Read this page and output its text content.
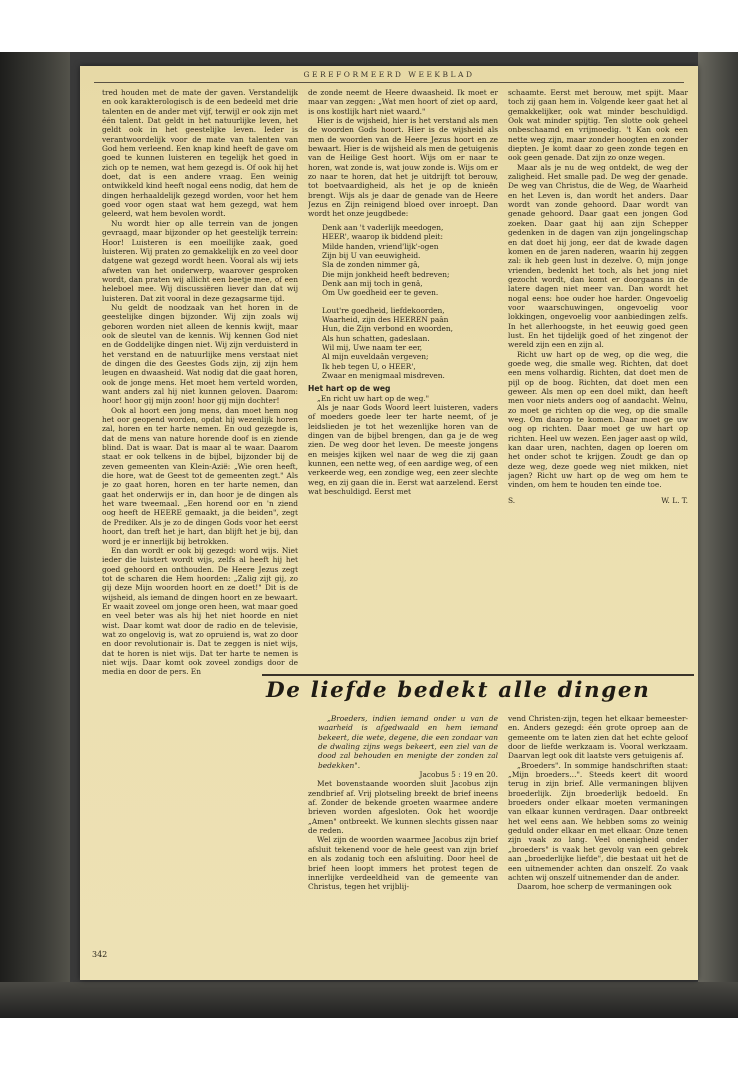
GEREFORMEERD WEEKBLAD

tred houden met de mate der gaven. Verstandelijk en ook karakterologisch is de een bedeeld met drie talenten en de ander met vijf, terwijl er ook zijn met één talent. Dat geldt in het natuurlijke leven, het geldt ook in het geestelijke leven. Ieder is verantwoordelijk voor de mate van talenten van God hem verleend. Een knap kind heeft de gave om goed te kunnen luisteren en tegelijk het goed in zich op te nemen, wat hem gezegd is. Of ook hij het doet, dat is een andere vraag. Een weinig ontwikkeld kind heeft nogal eens nodig, dat hem de dingen herhaaldelijk gezegd worden, voor het hem goed voor ogen staat wat hem gezegd, wat hem geleerd, wat hem bevolen wordt.

Nu wordt hier op alle terrein van de jongen gevraagd, maar bijzonder op het geestelijk terrein: Hoor! Luisteren is een moeilijke zaak, goed luisteren. Wij praten zo gemakkelijk en zo veel door datgene wat gezegd wordt heen. Vooral als wij iets afweten van het onderwerp, waarover gesproken wordt, dan praten wij allicht een beetje mee, of een heleboel mee. Wij discussiëren liever dan dat wij luisteren. Dat zit vooral in deze gezagsarme tijd.

Nu geldt de noodzaak van het horen in de geestelijke dingen bijzonder. Wij zijn zoals wij geboren worden niet alleen de kennis kwijt, maar ook de sleutel van de kennis. Wij kennen God niet en de Goddelijke dingen niet. Wij zijn verduisterd in het verstand en de natuurlijke mens verstaat niet de dingen die des Geestes Gods zijn, zij zijn hem leugen en dwaasheid. Wat nodig dat die gaat horen, ook de jonge mens. Het moet hem verteld worden, want anders zal hij niet kunnen geloven. Daarom: hoor! hoor gij mijn zoon! hoor gij mijn dochter!

Ook al hoort een jong mens, dan moet hem nog het oor geopend worden, opdat hij wezenlijk horen zal, horen en ter harte nemen. En oud gezegde is, dat de mens van nature horende doof is en ziende blind. Dat is waar. Dat is maar al te waar. Daarom staat er ook telkens in de bijbel, bijzonder bij de zeven gemeenten van Klein-Azië: „Wie oren heeft, die hore, wat de Geest tot de gemeenten zegt." Als je zo gaat horen, horen en ter harte nemen, dan gaat het onderwijs er in, dan hoor je de dingen als het ware tweemaal. „Een horend oor en 'n ziend oog heeft de HEERE gemaakt, ja die beiden", zegt de Prediker. Als je zo de dingen Gods voor het eerst hoort, dan treft het je hart, dan blijft het je bij, dan word je er innerlijk bij betrokken.

En dan wordt er ook bij gezegd: word wijs. Niet ieder die luistert wordt wijs, zelfs al heeft hij het goed gehoord en onthouden. De Heere Jezus zegt tot de scharen die Hem hoorden: „Zalig zijt gij, zo gij deze Mijn woorden hoort en ze doet!" Dit is de wijsheid, als iemand de dingen hoort en ze bewaart. Er waait zoveel om jonge oren heen, wat maar goed en veel beter was als hij het niet hoorde en niet wist. Daar komt wat door de radio en de televisie, wat zo ongelovig is, wat zo opruiend is, wat zo door en door revolutionair is. Dat te zeggen is niet wijs, dat te horen is niet wijs. Dat ter harte te nemen is niet wijs. Daar komt ook zoveel zondigs door de media en door de pers. En

de zonde neemt de Heere dwaasheid. Ik moet er maar van zeggen: „Wat men hoort of ziet op aard, is ons kostlijk hart niet waard."

Hier is de wijsheid, hier is het verstand als men de woorden Gods hoort. Hier is de wijsheid als men de woorden van de Heere Jezus hoort en ze bewaart. Hier is de wijsheid als men de getuigenis van de Heilige Gest hoort. Wijs om er naar te horen, wat zonde is, wat jouw zonde is. Wijs om er zo naar te horen, dat het je uitdrijft tot berouw, tot boetvaardigheid, als het je op de knieën brengt. Wijs als je daar de genade van de Heere Jezus en Zijn reinigend bloed over inroept. Dan wordt het onze jeugdbede:

Denk aan 't vaderlijk meedogen,
HEER', waarop ik biddend pleit:
Milde handen, vriend'lijk'-ogen
Zijn bij U van eeuwigheid.
Sla de zonden nimmer gâ,
Die mijn jonkheid heeft bedreven;
Denk aan mij toch in genâ,
Om Uw goedheid eer te geven.
Lout're goedheid, liefdekoorden,
Waarheid, zijn des HEEREN paân
Hun, die Zijn verbond en woorden,
Als hun schatten, gadeslaan.
Wil mij, Uwe naam ter eer,
Al mijn euveldaân vergeven;
Ik heb tegen U, o HEER',
Zwaar en menigmaal misdreven.

Het hart op de weg

„En richt uw hart op de weg."

Als je naar Gods Woord leert luisteren, vaders of moeders goede leer ter harte neemt, of je leidslieden je tot het wezenlijke horen van de dingen van de bijbel brengen, dan ga je de weg zien. De weg door het leven. De meeste jongens en meisjes kijken wel naar de weg die zij gaan kunnen, een nette weg, of een aardige weg, of een verkeerde weg, een zondige weg, een zeer slechte weg, en zij gaan die in. Eerst wat aarzelend. Eerst wat beschuldigd. Eerst met

schaamte. Eerst met berouw, met spijt. Maar toch zij gaan hem in. Volgende keer gaat het al gemakkelijker, ook wat minder beschuldigd. Ook wat minder spijtig. Ten slotte ook geheel onbeschaamd en vrijmoedig. 't Kan ook een nette weg zijn, maar zonder hoogten en zonder diepten. Je komt daar zo geen zonde tegen en ook geen genade. Dat zijn zo onze wegen.

Maar als je nu de weg ontdekt, de weg der zaligheid. Het smalle pad. De weg der genade. De weg van Christus, die de Weg, de Waarheid en het Leven is, dan wordt het anders. Daar wordt van zonde gehoord. Daar wordt van genade gehoord. Daar gaat een jongen God zoeken. Daar gaat hij aan zijn Schepper gedenken in de dagen van zijn jongelingschap en dat doet hij jong, eer dat de kwade dagen komen en de jaren naderen, waarin hij zeggen zal: ik heb geen lust in dezelve. O, mijn jonge vrienden, bedenkt het toch, als het jong niet gezocht wordt, dan komt er doorgaans in de latere dagen niet meer van. Dan wordt het nogal eens: hoe ouder hoe harder. Ongevoelig voor waarschuwingen, ongevoelig voor lokkingen, ongevoelig voor aanbiedingen zelfs. In het allerhoogste, in het eeuwig goed geen lust. En het tijdelijk goed of het zingenot der wereld zijn een en zijn al.

Richt uw hart op de weg, op die weg, die goede weg, die smalle weg. Richten, dat doet een mens volhardig. Richten, dat doet men de pijl op de boog. Richten, dat doet men een geweer. Als men op een doel mikt, dan heeft men voor niets anders oog of aandacht. Welnu, zo moet ge richten op die weg, op die smalle weg. Om daarop te komen. Daar moet ge uw oog op richten. Daar moet ge uw hart op richten. Heel uw wezen. Een jager aast op wild, kan daar uren, nachten, dagen op loeren om het onder schot te krijgen. Zoudt ge dan op deze weg, deze goede weg niet mikken, niet jagen? Richt uw hart op de weg om hem te vinden, om hem te houden ten einde toe.

S.	W. L. T.
De liefde bedekt alle dingen

„Broeders, indien iemand onder u van de waarheid is afgedwaald en hem iemand bekeert, die wete, degene, die een zondaar van de dwaling zijns wegs bekeert, een ziel van de dood zal behouden en menigte der zonden zal bedekken".

Jacobus 5 : 19 en 20.

Met bovenstaande woorden sluit Jacobus zijn zendbrief af. Vrij plotseling breekt de brief ineens af. Zonder de bekende groeten waarmee andere brieven worden afgesloten. Ook het woordje „Amen" ontbreekt. We kunnen slechts gissen naar de reden.

Wel zijn de woorden waarmee Jacobus zijn brief afsluit tekenend voor de hele geest van zijn brief en als zodanig toch een afsluiting. Door heel de brief heen loopt immers het protest tegen de innerlijke verdeeldheid van de gemeente van Christus, tegen het vrijblij-

vend Christen-zijn, tegen het elkaar bemeester-en. Anders gezegd: één grote oproep aan de gemeente om te laten zien dat het echte geloof door de liefde werkzaam is. Vooral werkzaam. Daarvan legt ook dit laatste vers getuigenis af.

„Broeders". In sommige handschriften staat: „Mijn broeders…". Steeds keert dit woord terug in zijn brief. Alle vermaningen blijven broederlijk. Zijn broederlijk bedoeld. En broeders onder elkaar moeten vermaningen van elkaar kunnen verdragen. Daar ontbreekt het wel eens aan. We hebben soms zo weinig geduld onder elkaar en met elkaar. Onze tenen zijn vaak zo lang. Veel onenigheid onder „broeders" is vaak het gevolg van een gebrek aan „broederlijke liefde", die bestaat uit het de een uitnemender achten dan onszelf. Zo vaak achten wij onszelf uitnemender dan de ander.

Daarom, hoe scherp de vermaningen ook

342
